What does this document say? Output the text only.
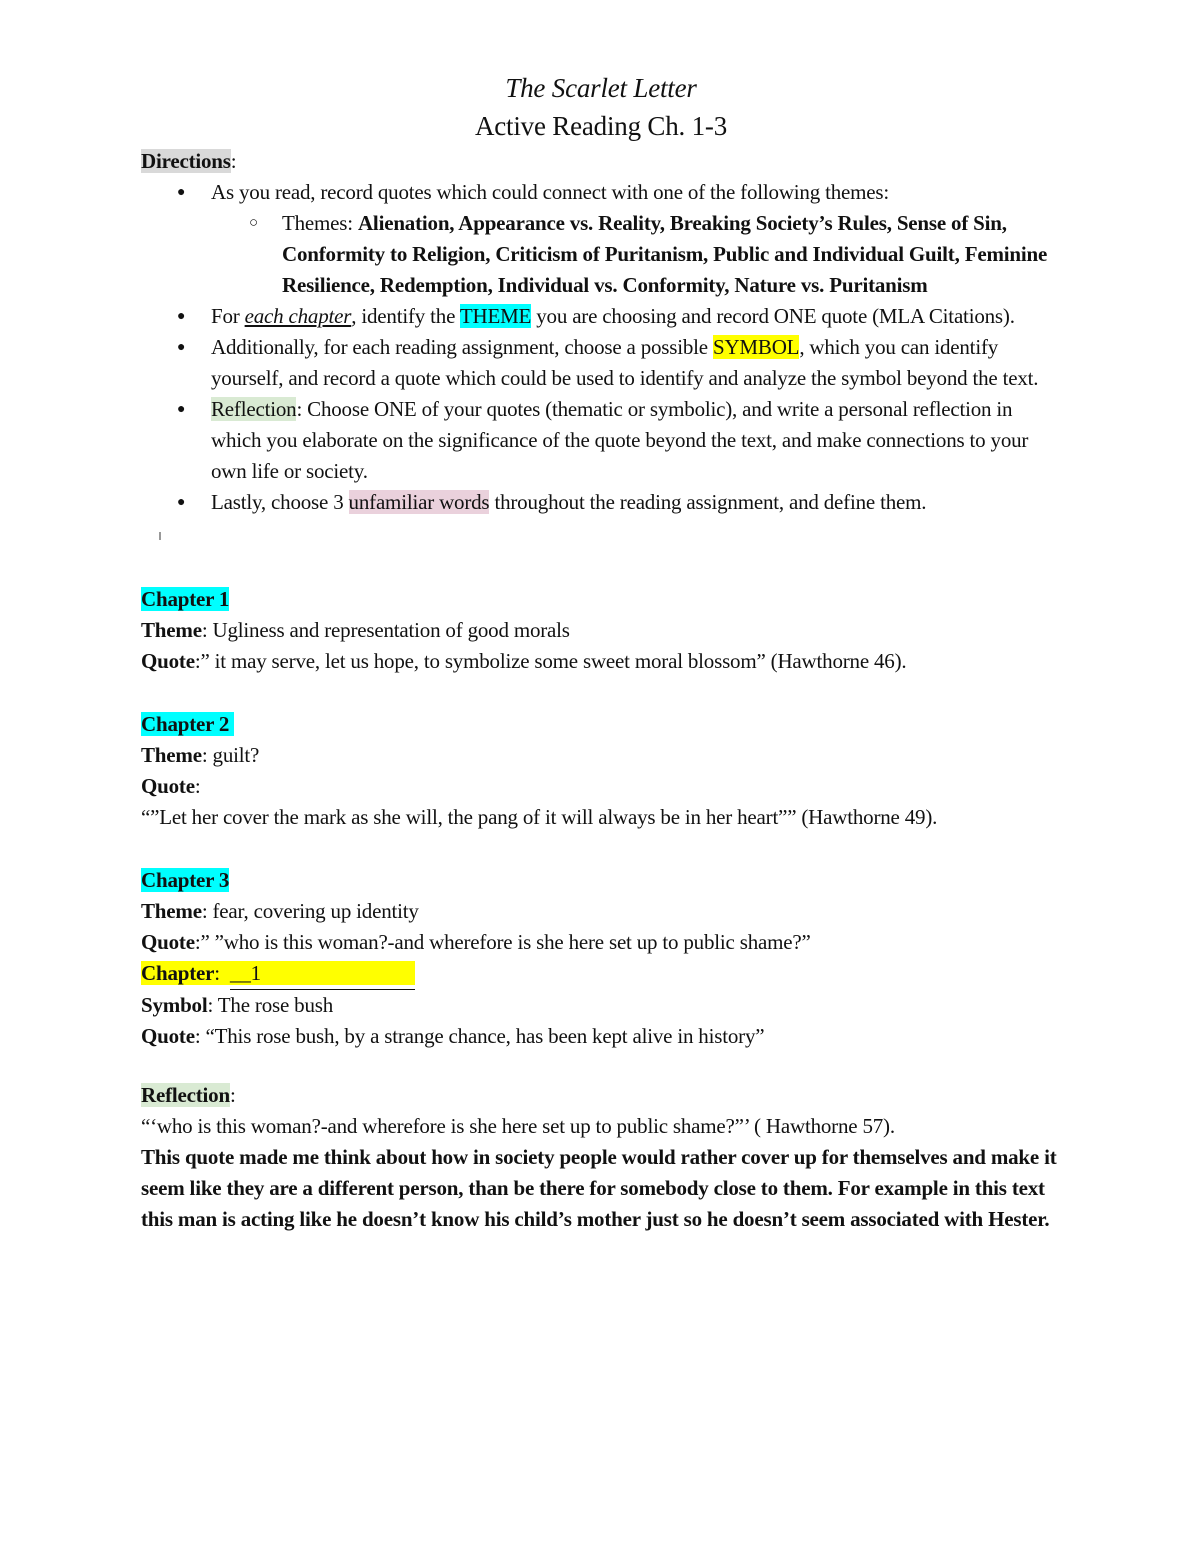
The Scarlet Letter

Active Reading Ch. 1-3

Directions:

● As you read, record quotes which could connect with one of the following themes:
○ Themes: Alienation, Appearance vs. Reality, Breaking Society’s Rules, Sense of Sin, Conformity to Religion, Criticism of Puritanism, Public and Individual Guilt, Feminine Resilience, Redemption, Individual vs. Conformity, Nature vs. Puritanism
● For each chapter, identify the THEME you are choosing and record ONE quote (MLA Citations).
● Additionally, for each reading assignment, choose a possible SYMBOL, which you can identify yourself, and record a quote which could be used to identify and analyze the symbol beyond the text.
● Reflection: Choose ONE of your quotes (thematic or symbolic), and write a personal reflection in which you elaborate on the significance of the quote beyond the text, and make connections to your own life or society.
● Lastly, choose 3 unfamiliar words throughout the reading assignment, and define them.

Chapter 1

Theme: Ugliness and representation of good morals

Quote:” it may serve, let us hope, to symbolize some sweet moral blossom” (Hawthorne 46).

Chapter 2

Theme: guilt?

Quote:

“”Let her cover the mark as she will, the pang of it will always be in her heart”” (Hawthorne 49).

Chapter 3

Theme: fear, covering up identity

Quote:” ”who is this woman?-and wherefore is she here set up to public shame?”

Chapter: __1

Symbol: The rose bush

Quote: “This rose bush, by a strange chance, has been kept alive in history”

Reflection:

“‘who is this woman?-and wherefore is she here set up to public shame?”’ ( Hawthorne 57).

This quote made me think about how in society people would rather cover up for themselves and make it seem like they are a different person, than be there for somebody close to them. For example in this text this man is acting like he doesn’t know his child’s mother just so he doesn’t seem associated with Hester.
